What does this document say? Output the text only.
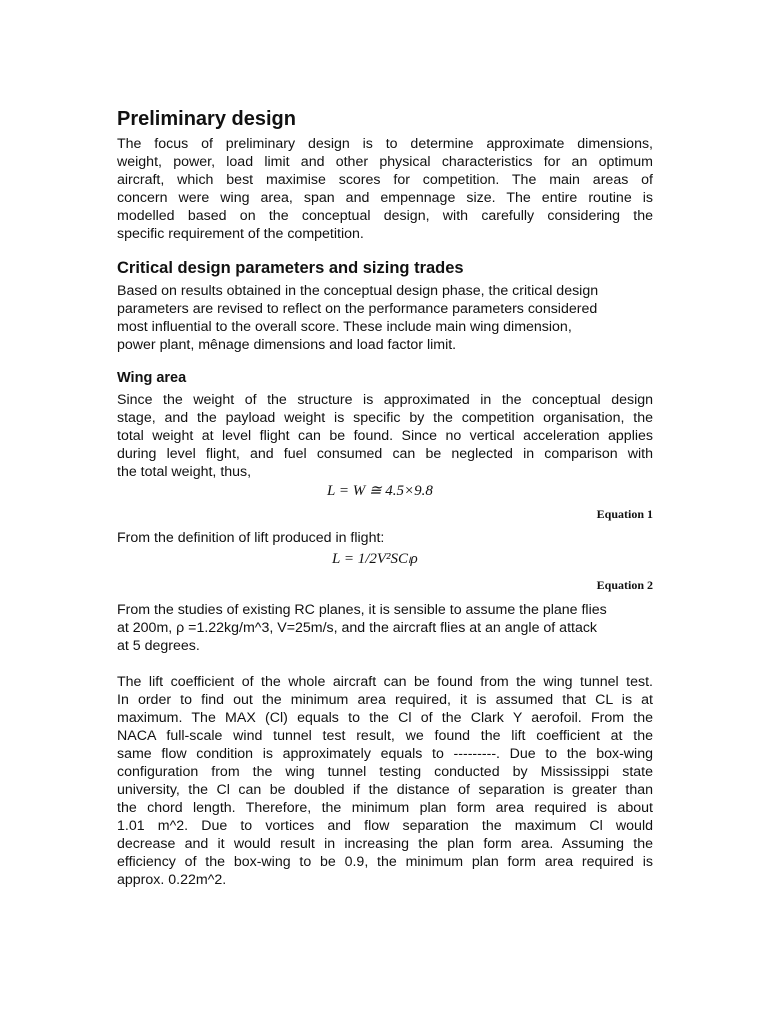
Preliminary design
The focus of preliminary design is to determine approximate dimensions,
weight, power, load limit and other physical characteristics for an optimum
aircraft, which best maximise scores for competition. The main areas of
concern were wing area, span and empennage size. The entire routine is
modelled based on the conceptual design, with carefully considering the
specific requirement of the competition.
Critical design parameters and sizing trades
Based on results obtained in the conceptual design phase, the critical design
parameters are revised to reflect on the performance parameters considered
most influential to the overall score. These include main wing dimension,
power plant, mênage dimensions and load factor limit.
Wing area
Since the weight of the structure is approximated in the conceptual design
stage, and the payload weight is specific by the competition organisation, the
total weight at level flight can be found. Since no vertical acceleration applies
during level flight, and fuel consumed can be neglected in comparison with
the total weight, thus,
L = W ≅ 4.5×9.8
Equation 1
From the definition of lift produced in flight:
L = 1/2V²SCₗρ
Equation 2
From the studies of existing RC planes, it is sensible to assume the plane flies
at 200m, ρ =1.22kg/m^3, V=25m/s, and the aircraft flies at an angle of attack
at 5 degrees.
The lift coefficient of the whole aircraft can be found from the wing tunnel test.
In order to find out the minimum area required, it is assumed that CL is at
maximum. The MAX (Cl) equals to the Cl of the Clark Y aerofoil. From the
NACA full-scale wind tunnel test result, we found the lift coefficient at the
same flow condition is approximately equals to ---------. Due to the box-wing
configuration from the wing tunnel testing conducted by Mississippi state
university, the Cl can be doubled if the distance of separation is greater than
the chord length. Therefore, the minimum plan form area required is about
1.01 m^2. Due to vortices and flow separation the maximum Cl would
decrease and it would result in increasing the plan form area. Assuming the
efficiency of the box-wing to be 0.9, the minimum plan form area required is
approx. 0.22m^2.
